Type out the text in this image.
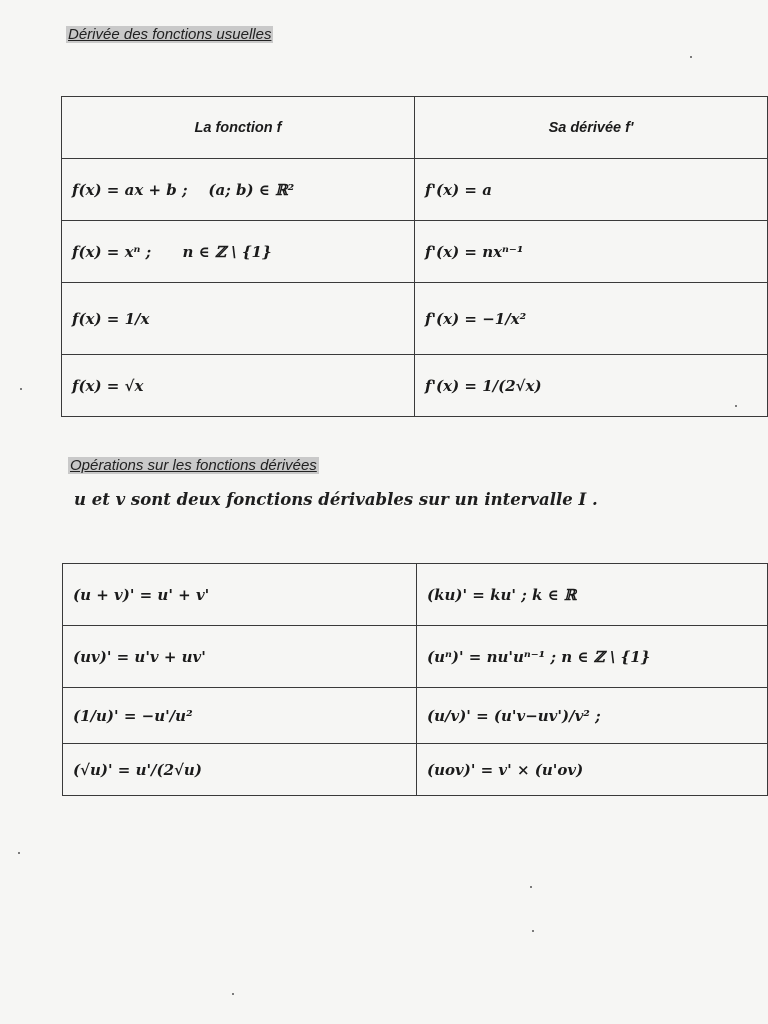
Dérivée des fonctions usuelles
La fonction f	Sa dérivée f'
f(x) = ax + b ; (a; b) ∈ ℝ²	f'(x) = a
f(x) = xⁿ ; n ∈ ℤ \ {1}	f'(x) = nxⁿ⁻¹
f(x) = 1/x	f'(x) = −1/x²
f(x) = √x	f'(x) = 1/(2√x)
Opérations sur les fonctions dérivées
u et v sont deux fonctions dérivables sur un intervalle I .
(u + v)' = u' + v'	(ku)' = ku' ; k ∈ ℝ
(uv)' = u'v + uv'	(uⁿ)' = nu'uⁿ⁻¹ ; n ∈ ℤ \ {1}
(1/u)' = −u'/u²	(u/v)' = (u'v−uv')/v² ;
(√u)' = u'/(2√u)	(uov)' = v' × (u'ov)
